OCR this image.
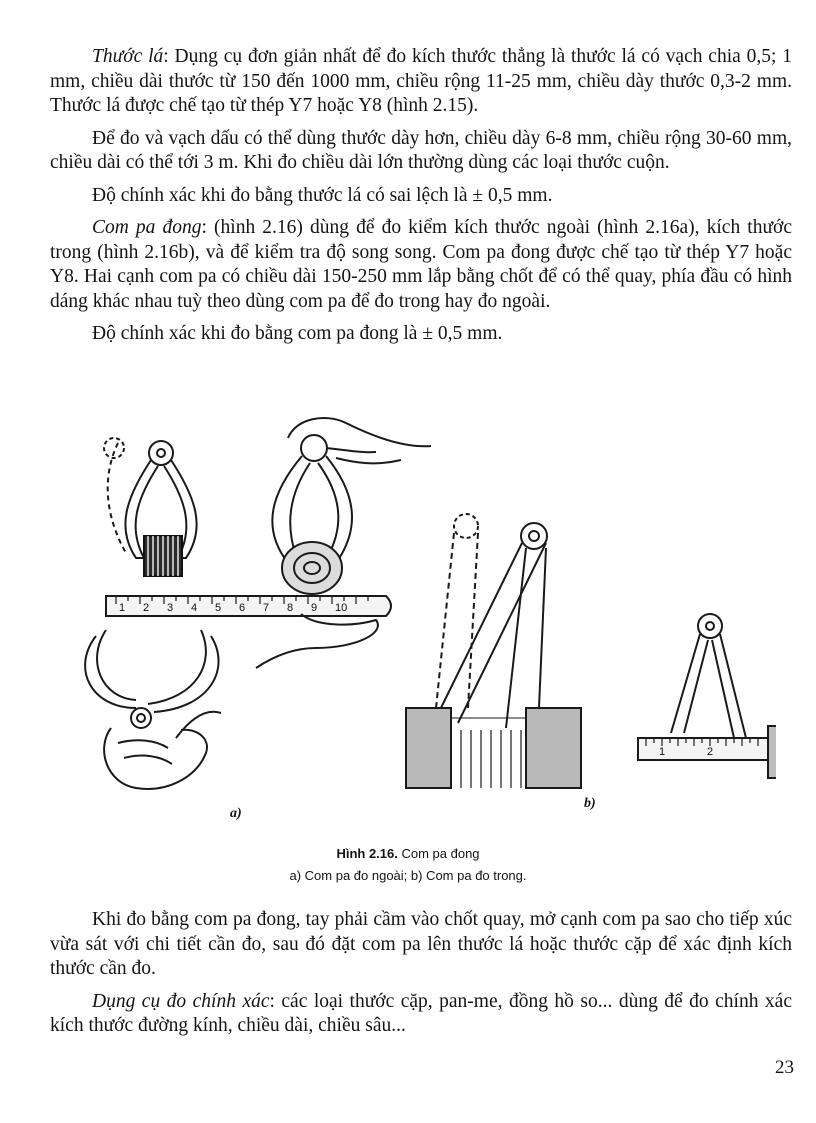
Thước lá: Dụng cụ đơn giản nhất để đo kích thước thẳng là thước lá có vạch chia 0,5; 1 mm, chiều dài thước từ 150 đến 1000 mm, chiều rộng 11-25 mm, chiều dày thước 0,3-2 mm. Thước lá được chế tạo từ thép Y7 hoặc Y8 (hình 2.15).

Để đo và vạch dấu có thể dùng thước dày hơn, chiều dày 6-8 mm, chiều rộng 30-60 mm, chiều dài có thể tới 3 m. Khi đo chiều dài lớn thường dùng các loại thước cuộn.

Độ chính xác khi đo bằng thước lá có sai lệch là ± 0,5 mm.

Com pa đong: (hình 2.16) dùng để đo kiểm kích thước ngoài (hình 2.16a), kích thước trong (hình 2.16b), và để kiểm tra độ song song. Com pa đong được chế tạo từ thép Y7 hoặc Y8. Hai cạnh com pa có chiều dài 150-250 mm lắp bằng chốt để có thể quay, phía đầu có hình dáng khác nhau tuỳ theo dùng com pa để đo trong hay đo ngoài.

Độ chính xác khi đo bằng com pa đong là ± 0,5 mm.

1 2 3 4 5 6 7 8 9 10
1	2
a)
b)
Hình 2.16. Com pa đong
a) Com pa đo ngoài; b) Com pa đo trong.

Khi đo bằng com pa đong, tay phải cầm vào chốt quay, mở cạnh com pa sao cho tiếp xúc vừa sát với chi tiết cần đo, sau đó đặt com pa lên thước lá hoặc thước cặp để xác định kích thước cần đo.

Dụng cụ đo chính xác: các loại thước cặp, pan-me, đồng hồ so... dùng để đo chính xác kích thước đường kính, chiều dài, chiều sâu...

23
